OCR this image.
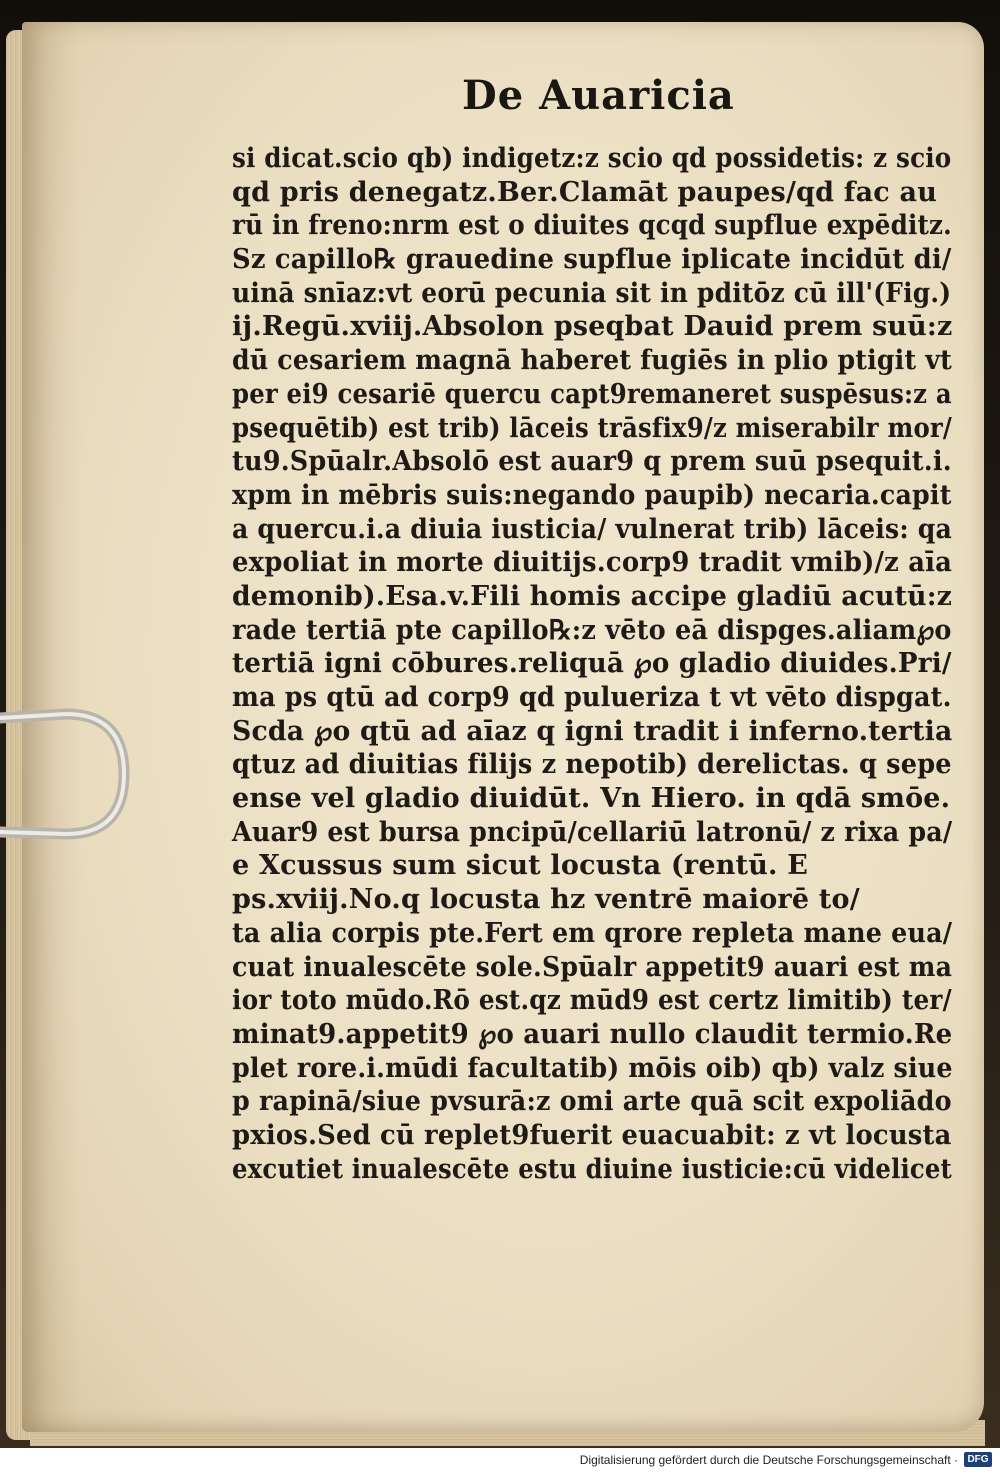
De Auaricia
si dicat.scio qb) indigetz:z scio qd possidetis: z scio
qd pris denegatz.Ber.Clamāt paupes/qd fac au
rū in freno:nrm est o diuites qcqd supflue expēditz.
Sz capillo℞ grauedine supflue iplicate incidūt di/
uinā snīaz:vt eorū pecunia sit in pditōz cū ill'(Fig.)
ij.Regū.xviij.Absolon pseqbat Dauid prem suū:z
dū cesariem magnā haberet fugiēs in plio ptigit vt
per ei9 cesariē quercu capt9remaneret suspēsus:z a
psequētib) est trib) lāceis trāsfix9/z miserabilr mor/
tu9.Spūalr.Absolō est auar9 q prem suū psequit.i.
xpm in mēbris suis:negando paupib) necaria.capit
a quercu.i.a diuia iusticia/ vulnerat trib) lāceis: qa
expoliat in morte diuitijs.corp9 tradit vmib)/z aīa
demonib).Esa.v.Fili homis accipe gladiū acutū:z
rade tertiā pte capillo℞:z vēto eā dispges.aliam℘o
tertiā igni cōbures.reliquā ℘o gladio diuides.Pri/
ma ps qtū ad corp9 qd pulueriza t vt vēto dispgat.
Scda ℘o qtū ad aīaz q igni tradit i inferno.tertia
qtuz ad diuitias filijs z nepotib) derelictas. q sepe
ense vel gladio diuidūt. Vn Hiero. in qdā smōe.
Auar9 est bursa pncipū/cellariū latronū/ z rixa pa/
e Xcussus sum sicut locusta (rentū. E
ps.xviij.No.q locusta hz ventrē maiorē to/
ta alia corpis pte.Fert em qrore repleta mane eua/
cuat inualescēte sole.Spūalr appetit9 auari est ma
ior toto mūdo.Rō est.qz mūd9 est certz limitib) ter/
minat9.appetit9 ℘o auari nullo claudit termio.Re
plet rore.i.mūdi facultatib) mōis oib) qb) valz siue
p rapinā/siue pvsurā:z omi arte quā scit expoliādo
pxios.Sed cū replet9fuerit euacuabit: z vt locusta
excutiet inualescēte estu diuine iusticie:cū videlicet
Digitalisierung gefördert durch die Deutsche Forschungsgemeinschaft · DFG
